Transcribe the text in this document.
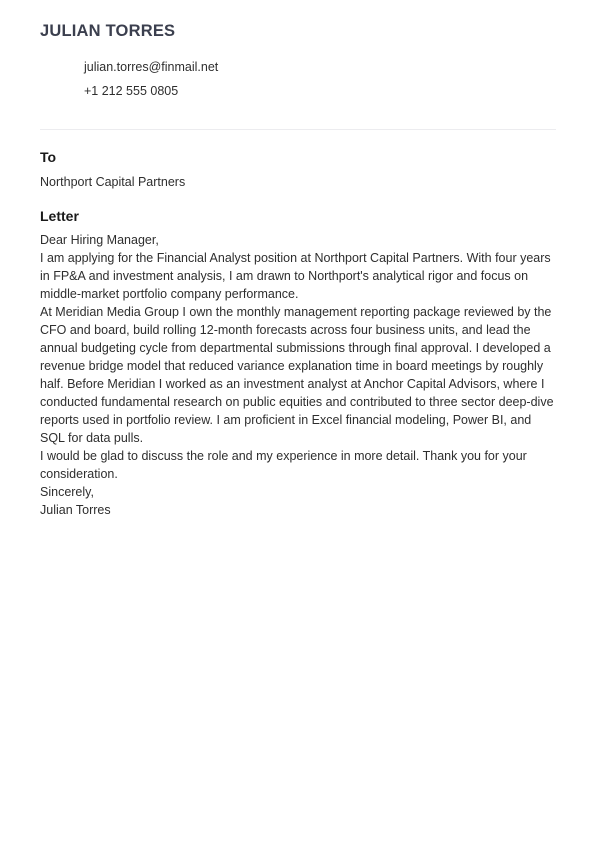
JULIAN TORRES
julian.torres@finmail.net
+1 212 555 0805
To
Northport Capital Partners
Letter

Dear Hiring Manager,

I am applying for the Financial Analyst position at Northport Capital Partners. With four years in FP&A and investment analysis, I am drawn to Northport's analytical rigor and focus on middle-market portfolio company performance.

At Meridian Media Group I own the monthly management reporting package reviewed by the CFO and board, build rolling 12-month forecasts across four business units, and lead the annual budgeting cycle from departmental submissions through final approval. I developed a revenue bridge model that reduced variance explanation time in board meetings by roughly half. Before Meridian I worked as an investment analyst at Anchor Capital Advisors, where I conducted fundamental research on public equities and contributed to three sector deep-dive reports used in portfolio review. I am proficient in Excel financial modeling, Power BI, and SQL for data pulls.

I would be glad to discuss the role and my experience in more detail. Thank you for your consideration.

Sincerely,

Julian Torres
